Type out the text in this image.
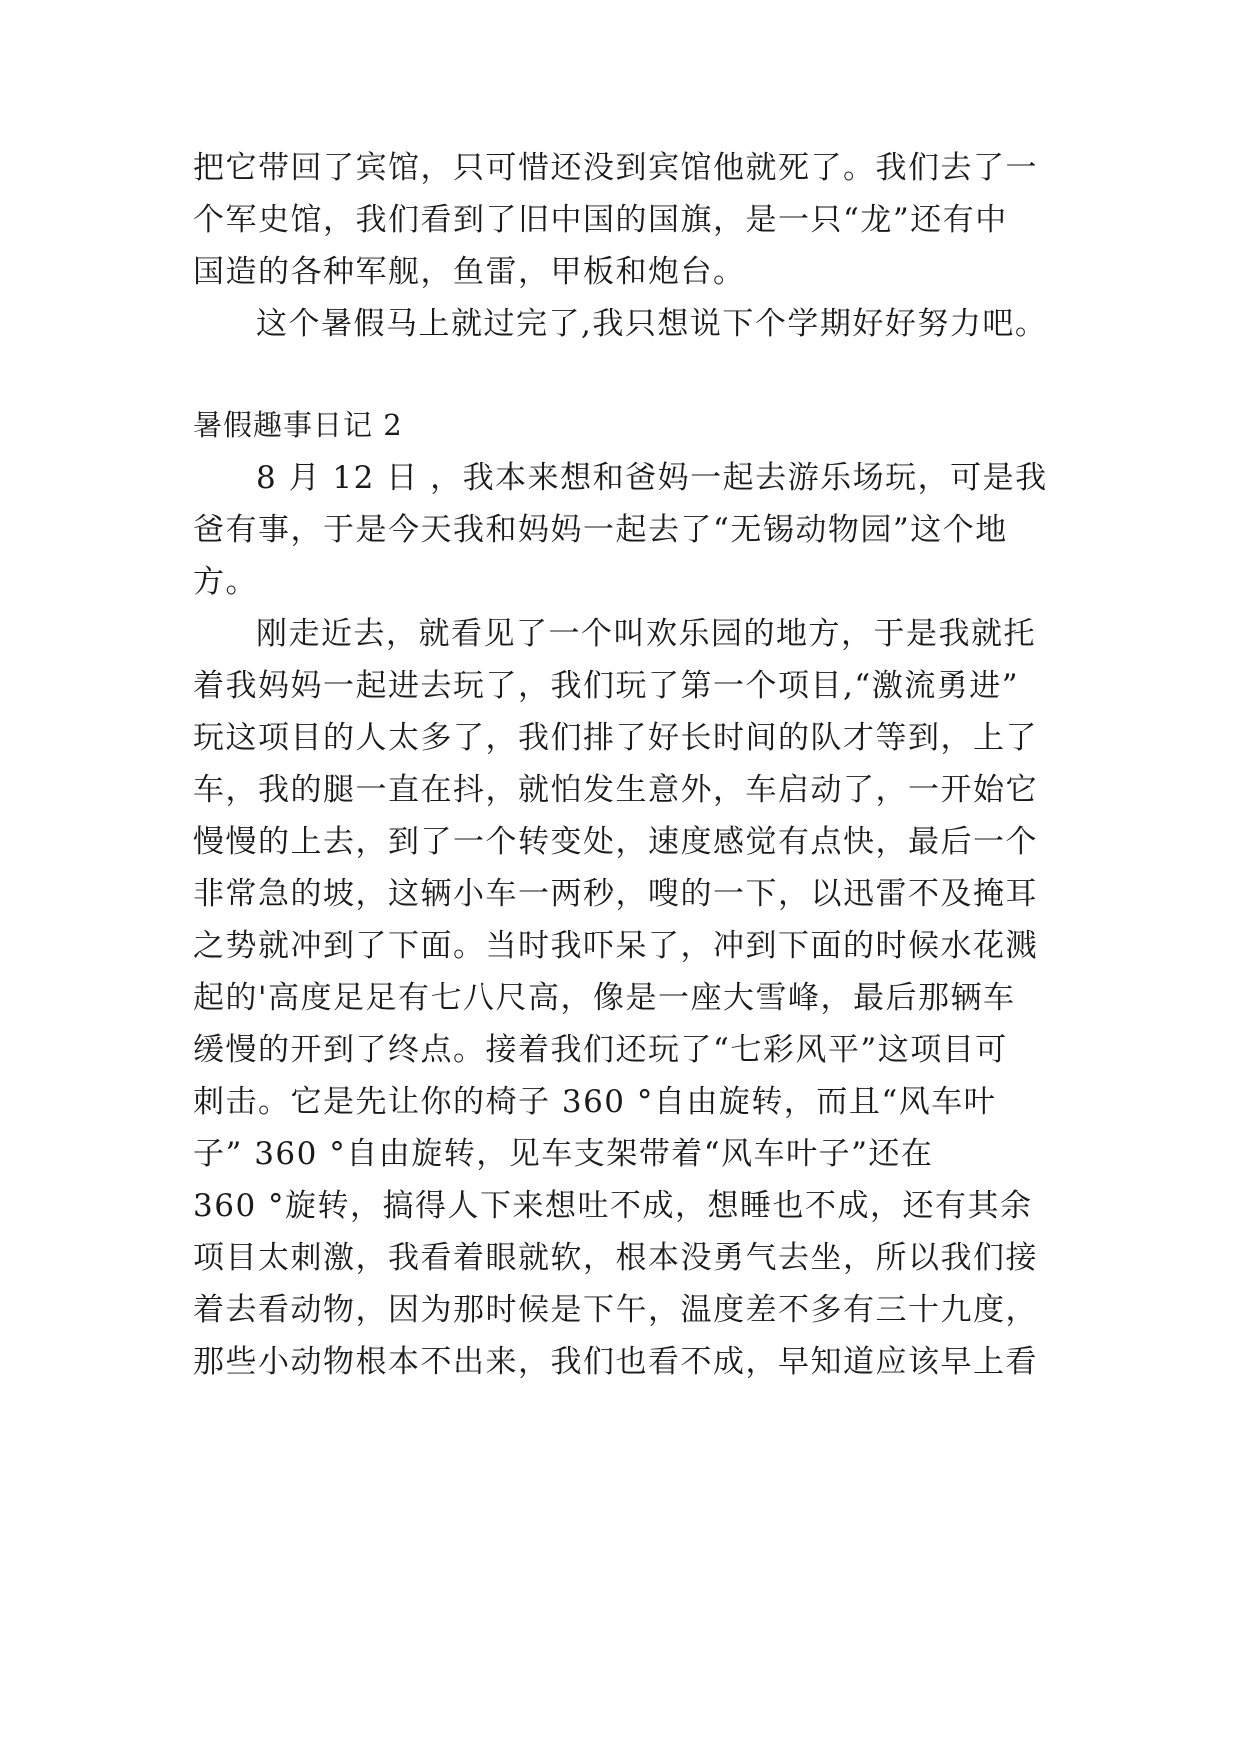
把它带回了宾馆，只可惜还没到宾馆他就死了。我们去了一
个军史馆，我们看到了旧中国的国旗，是一只“龙”还有中
国造的各种军舰，鱼雷，甲板和炮台。
这个暑假马上就过完了,我只想说下个学期好好努力吧。
暑假趣事日记 2
8 月 12 日 ，我本来想和爸妈一起去游乐场玩，可是我
爸有事，于是今天我和妈妈一起去了“无锡动物园”这个地
方。
刚走近去，就看见了一个叫欢乐园的地方，于是我就托
着我妈妈一起进去玩了，我们玩了第一个项目,“激流勇进”
玩这项目的人太多了，我们排了好长时间的队才等到，上了
车，我的腿一直在抖，就怕发生意外，车启动了，一开始它
慢慢的上去，到了一个转变处，速度感觉有点快，最后一个
非常急的坡，这辆小车一两秒，嗖的一下，以迅雷不及掩耳
之势就冲到了下面。当时我吓呆了，冲到下面的时候水花溅
起的'高度足足有七八尺高，像是一座大雪峰，最后那辆车
缓慢的开到了终点。接着我们还玩了“七彩风平”这项目可
刺击。它是先让你的椅子 360 °自由旋转，而且“风车叶
子” 360 °自由旋转，见车支架带着“风车叶子”还在
360 °旋转，搞得人下来想吐不成，想睡也不成，还有其余
项目太刺激，我看着眼就软，根本没勇气去坐，所以我们接
着去看动物，因为那时候是下午，温度差不多有三十九度，
那些小动物根本不出来，我们也看不成，早知道应该早上看
